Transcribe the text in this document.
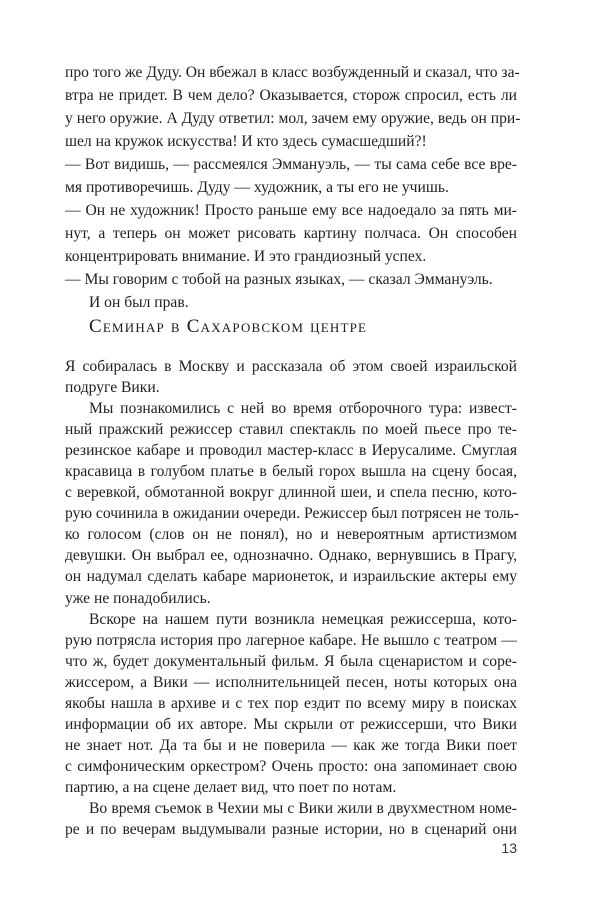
про того же Дуду. Он вбежал в класс возбужденный и сказал, что за-
втра не придет. В чем дело? Оказывается, сторож спросил, есть ли
у него оружие. А Дуду ответил: мол, зачем ему оружие, ведь он при-
шел на кружок искусства! И кто здесь сумасшедший?!
— Вот видишь, — рассмеялся Эммануэль, — ты сама себе все вре-
мя противоречишь. Дуду — художник, а ты его не учишь.
— Он не художник! Просто раньше ему все надоедало за пять ми-
нут, а теперь он может рисовать картину полчаса. Он способен
концентрировать внимание. И это грандиозный успех.
— Мы говорим с тобой на разных языках, — сказал Эммануэль.
И он был прав.
Семинар в Сахаровском центре
Я собиралась в Москву и рассказала об этом своей израильской
подруге Вики.
Мы познакомились с ней во время отборочного тура: извест-
ный пражский режиссер ставил спектакль по моей пьесе про те-
резинское кабаре и проводил мастер-класс в Иерусалиме. Смуглая
красавица в голубом платье в белый горох вышла на сцену босая,
с веревкой, обмотанной вокруг длинной шеи, и спела песню, кото-
рую сочинила в ожидании очереди. Режиссер был потрясен не толь-
ко голосом (слов он не понял), но и невероятным артистизмом
девушки. Он выбрал ее, однозначно. Однако, вернувшись в Прагу,
он надумал сделать кабаре марионеток, и израильские актеры ему
уже не понадобились.
Вскоре на нашем пути возникла немецкая режиссерша, кото-
рую потрясла история про лагерное кабаре. Не вышло с театром —
что ж, будет документальный фильм. Я была сценаристом и соре-
жиссером, а Вики — исполнительницей песен, ноты которых она
якобы нашла в архиве и с тех пор ездит по всему миру в поисках
информации об их авторе. Мы скрыли от режиссерши, что Вики
не знает нот. Да та бы и не поверила — как же тогда Вики поет
с симфоническим оркестром? Очень просто: она запоминает свою
партию, а на сцене делает вид, что поет по нотам.
Во время съемок в Чехии мы с Вики жили в двухместном номе-
ре и по вечерам выдумывали разные истории, но в сценарий они
13
